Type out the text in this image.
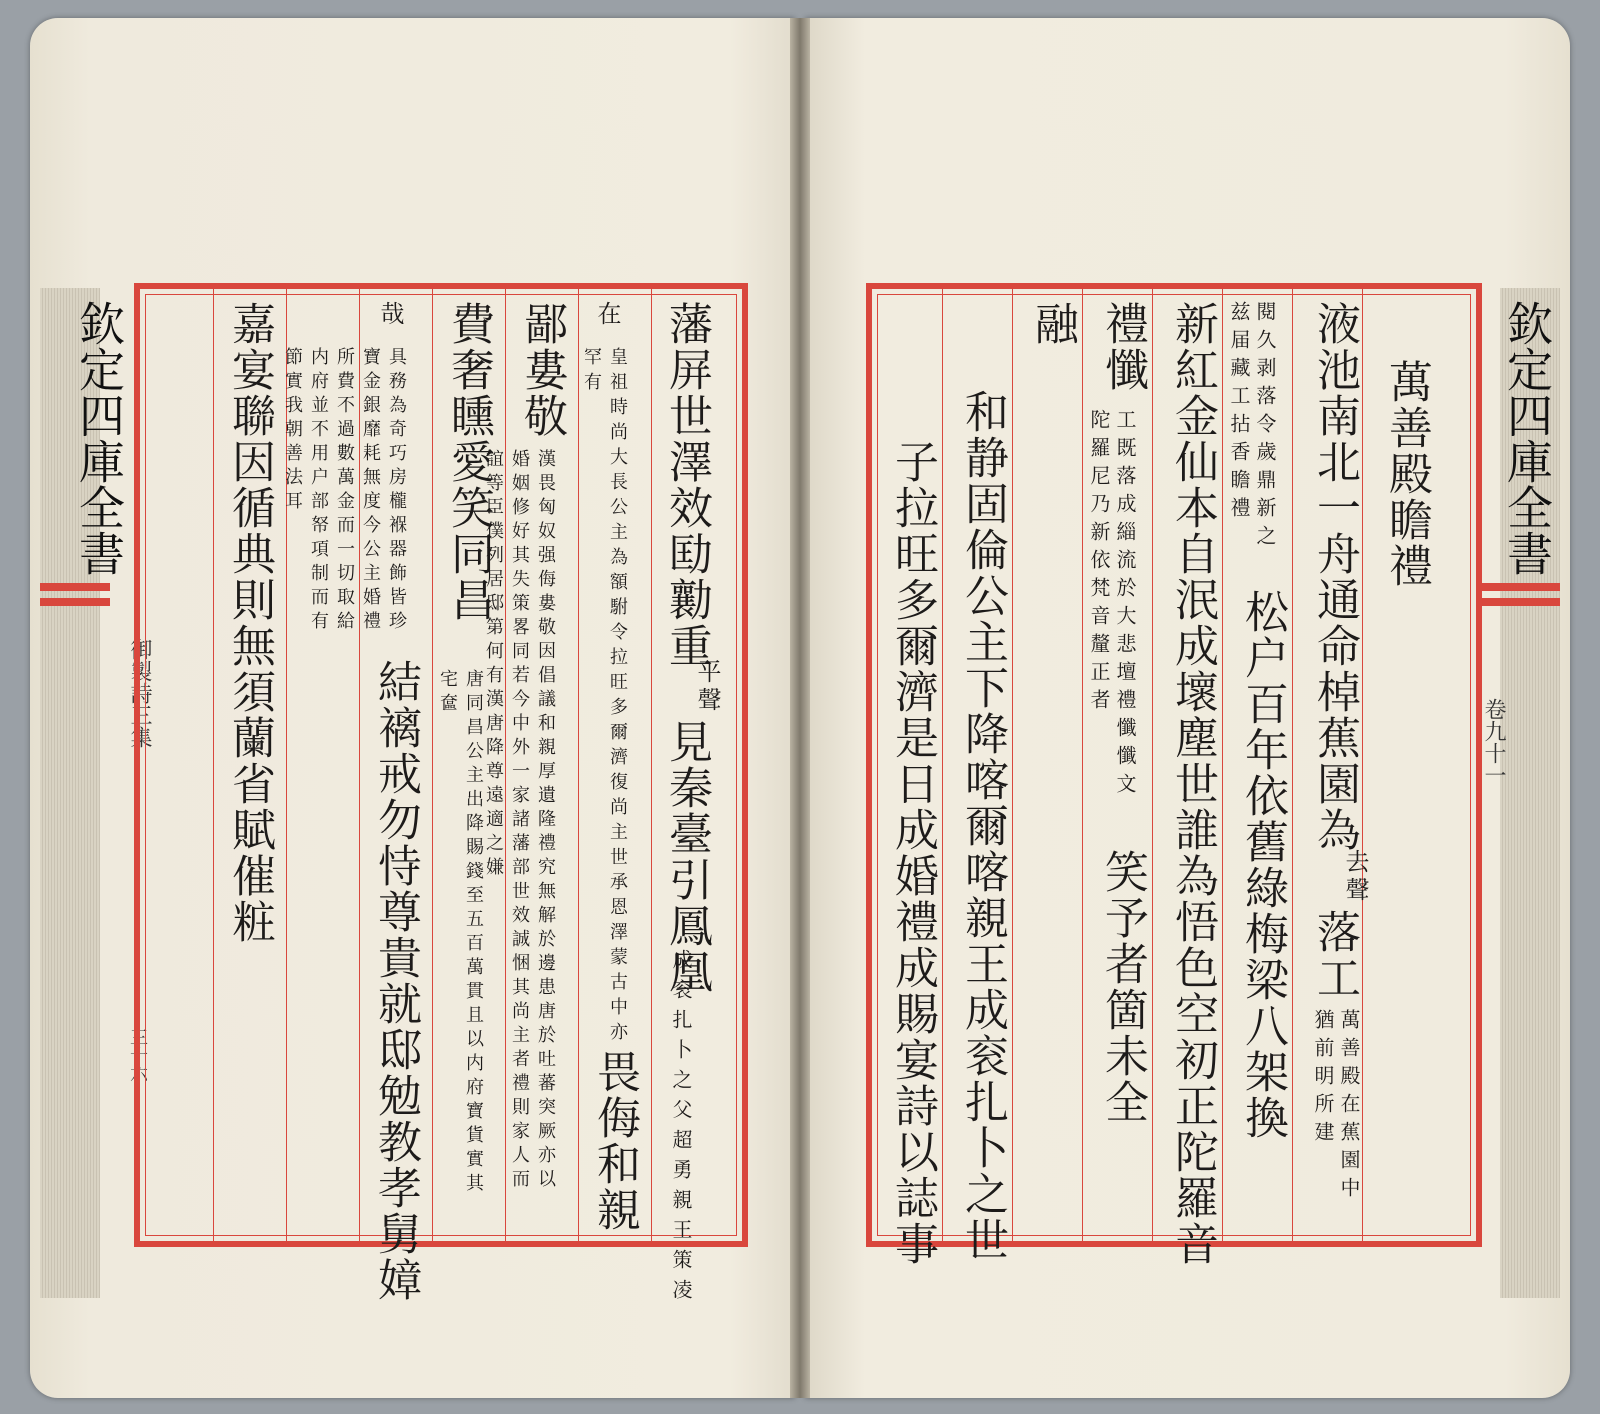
欽定四庫全書
御製詩三集
三十六
藩屏世澤效劻勷重
平聲
見秦臺引鳳凰
成衮扎卜之父超勇親王策凌
在
皇祖時尚大長公主為額駙令拉旺多爾濟復尚主世承恩澤蒙古中亦罕有
畏侮和親
鄙婁敬
漢畏匈奴强侮婁敬因倡議和親厚遺隆禮究無解於邊患唐於吐蕃突厥亦以婚姻修好其失策畧同若今中外一家諸藩部世效誠悃其尚主者禮則家人而誼等臣僕列居邸第何有漢唐降尊遠適之嫌
費奢矄愛笑同昌
唐同昌公主出降賜錢至五百萬貫且以内府寶貨實其宅奩
哉
具務為奇巧房櫳褓器飾皆珍寶金銀靡耗無度今公主婚禮所費不過數萬金而一切取給内府並不用户部帑項制而有節實我朝善法耳
結褵戒勿恃尊貴就邸勉教孝舅嫜
嘉宴聯因循典則無須蘭省賦催粧	欽定四庫全書
卷九十一
萬善殿瞻禮
液池南北一舟通命棹蕉園為
去聲
落工
萬善殿在蕉園中猶前明所建
閱久剥落令歲鼎新之兹届藏工拈香瞻禮
松户百年依舊綠梅梁八架換
新紅金仙本自泯成壞塵世誰為悟色空初正陀羅音
禮懺
工既落成緇流於大悲壇禮懺懺文陀羅尼乃新依梵音釐正者
笑予者箇未全
融
和静固倫公主下降喀爾喀親王成衮扎卜之世
子拉旺多爾濟是日成婚禮成賜宴詩以誌事
